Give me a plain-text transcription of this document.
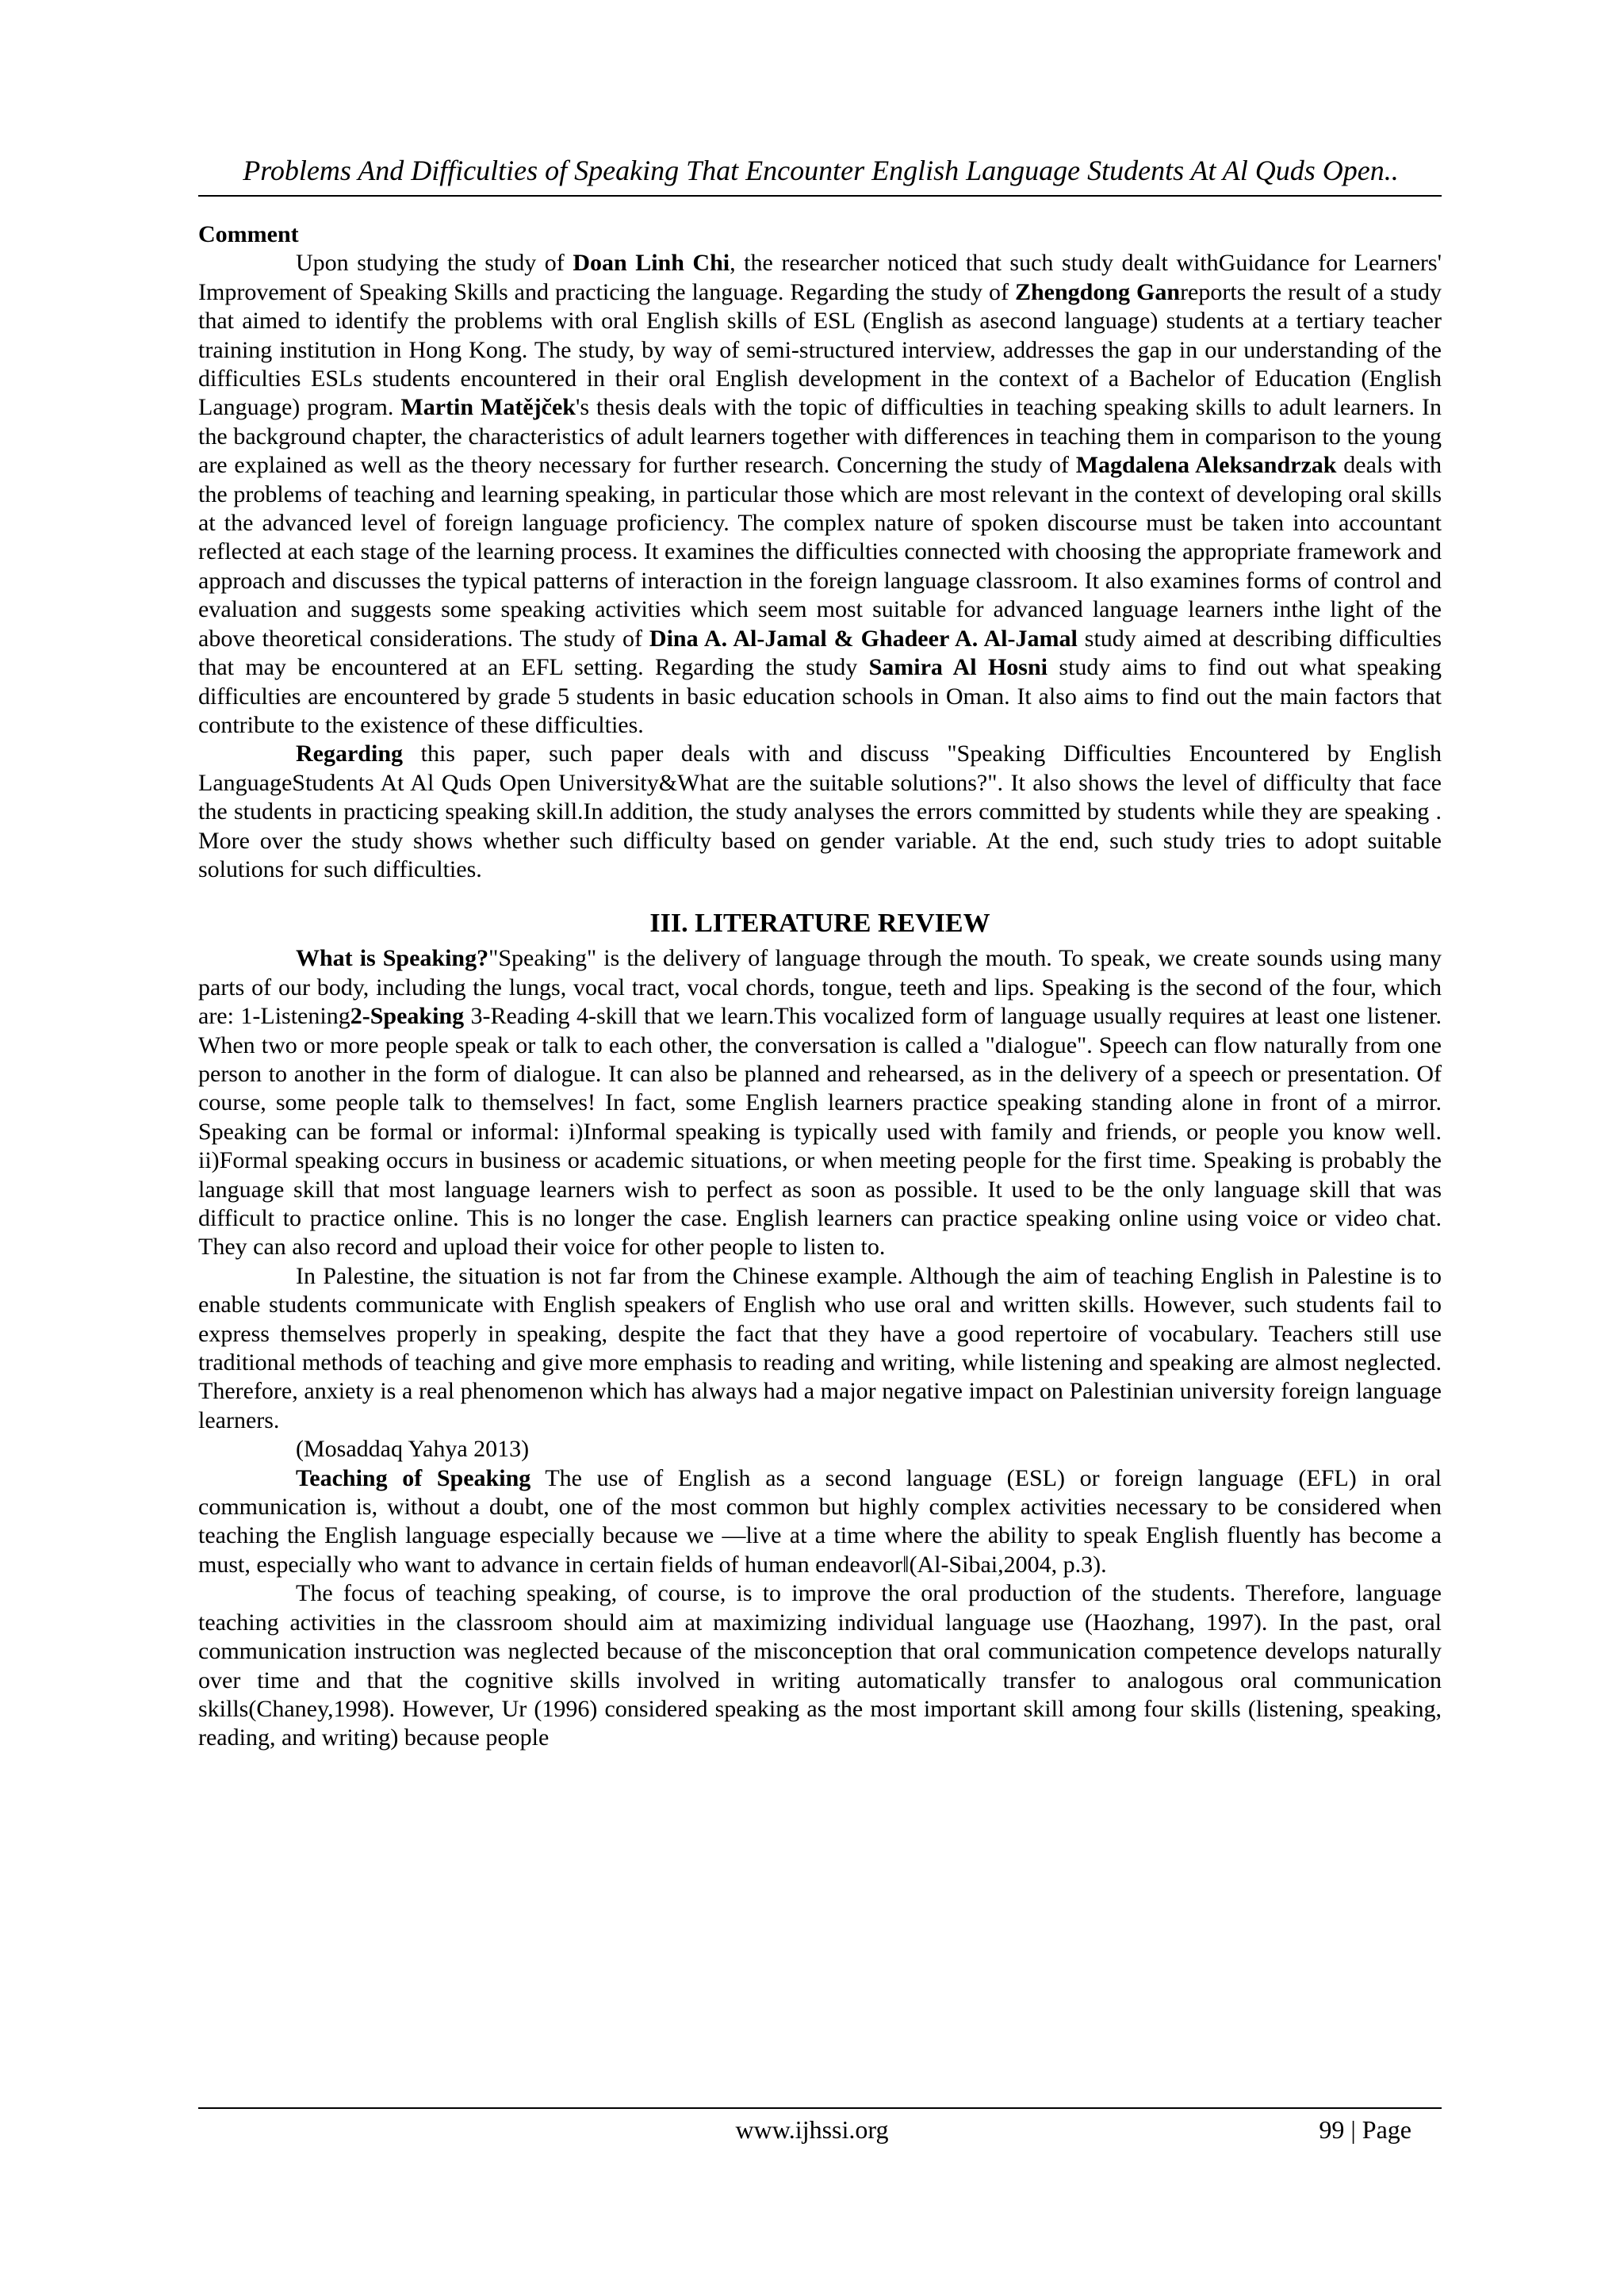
Problems And Difficulties of Speaking That Encounter English Language Students At Al Quds Open..

Comment

Upon studying the study of Doan Linh Chi, the researcher noticed that such study dealt withGuidance for Learners' Improvement of Speaking Skills and practicing the language. Regarding the study of Zhengdong Ganreports the result of a study that aimed to identify the problems with oral English skills of ESL (English as asecond language) students at a tertiary teacher training institution in Hong Kong. The study, by way of semi-structured interview, addresses the gap in our understanding of the difficulties ESLs students encountered in their oral English development in the context of a Bachelor of Education (English Language) program. Martin Matějček's thesis deals with the topic of difficulties in teaching speaking skills to adult learners. In the background chapter, the characteristics of adult learners together with differences in teaching them in comparison to the young are explained as well as the theory necessary for further research. Concerning the study of Magdalena Aleksandrzak deals with the problems of teaching and learning speaking, in particular those which are most relevant in the context of developing oral skills at the advanced level of foreign language proficiency. The complex nature of spoken discourse must be taken into accountant reflected at each stage of the learning process. It examines the difficulties connected with choosing the appropriate framework and approach and discusses the typical patterns of interaction in the foreign language classroom. It also examines forms of control and evaluation and suggests some speaking activities which seem most suitable for advanced language learners inthe light of the above theoretical considerations. The study of Dina A. Al-Jamal & Ghadeer A. Al-Jamal study aimed at describing difficulties that may be encountered at an EFL setting. Regarding the study Samira Al Hosni study aims to find out what speaking difficulties are encountered by grade 5 students in basic education schools in Oman. It also aims to find out the main factors that contribute to the existence of these difficulties.

Regarding this paper, such paper deals with and discuss "Speaking Difficulties Encountered by English LanguageStudents At Al Quds Open University&What are the suitable solutions?". It also shows the level of difficulty that face the students in practicing speaking skill.In addition, the study analyses the errors committed by students while they are speaking . More over the study shows whether such difficulty based on gender variable. At the end, such study tries to adopt suitable solutions for such difficulties.

III. LITERATURE REVIEW

What is Speaking?"Speaking" is the delivery of language through the mouth. To speak, we create sounds using many parts of our body, including the lungs, vocal tract, vocal chords, tongue, teeth and lips. Speaking is the second of the four, which are: 1-Listening2-Speaking 3-Reading 4-skill that we learn.This vocalized form of language usually requires at least one listener. When two or more people speak or talk to each other, the conversation is called a "dialogue". Speech can flow naturally from one person to another in the form of dialogue. It can also be planned and rehearsed, as in the delivery of a speech or presentation. Of course, some people talk to themselves! In fact, some English learners practice speaking standing alone in front of a mirror. Speaking can be formal or informal: i)Informal speaking is typically used with family and friends, or people you know well. ii)Formal speaking occurs in business or academic situations, or when meeting people for the first time. Speaking is probably the language skill that most language learners wish to perfect as soon as possible. It used to be the only language skill that was difficult to practice online. This is no longer the case. English learners can practice speaking online using voice or video chat. They can also record and upload their voice for other people to listen to.

In Palestine, the situation is not far from the Chinese example. Although the aim of teaching English in Palestine is to enable students communicate with English speakers of English who use oral and written skills. However, such students fail to express themselves properly in speaking, despite the fact that they have a good repertoire of vocabulary. Teachers still use traditional methods of teaching and give more emphasis to reading and writing, while listening and speaking are almost neglected. Therefore, anxiety is a real phenomenon which has always had a major negative impact on Palestinian university foreign language learners.

(Mosaddaq Yahya 2013)

Teaching of Speaking The use of English as a second language (ESL) or foreign language (EFL) in oral communication is, without a doubt, one of the most common but highly complex activities necessary to be considered when teaching the English language especially because we ―live at a time where the ability to speak English fluently has become a must, especially who want to advance in certain fields of human endeavor‖(Al-Sibai,2004, p.3).

The focus of teaching speaking, of course, is to improve the oral production of the students. Therefore, language teaching activities in the classroom should aim at maximizing individual language use (Haozhang, 1997). In the past, oral communication instruction was neglected because of the misconception that oral communication competence develops naturally over time and that the cognitive skills involved in writing automatically transfer to analogous oral communication skills(Chaney,1998). However, Ur (1996) considered speaking as the most important skill among four skills (listening, speaking, reading, and writing) because people

www.ijhssi.org	99 | Page
